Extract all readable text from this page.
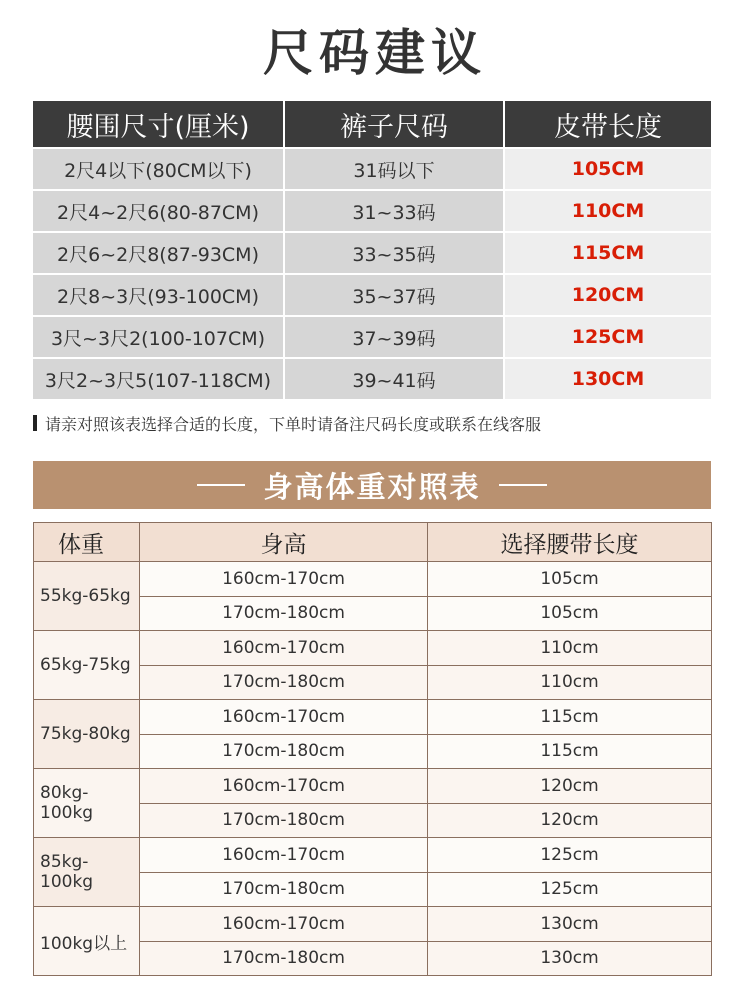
尺码建议
腰围尺寸(厘米)	裤子尺码	皮带长度
2尺4以下(80CM以下)	31码以下	105CM
2尺4~2尺6(80-87CM)	31~33码	110CM
2尺6~2尺8(87-93CM)	33~35码	115CM
2尺8~3尺(93-100CM)	35~37码	120CM
3尺~3尺2(100-107CM)	37~39码	125CM
3尺2~3尺5(107-118CM)	39~41码	130CM
请亲对照该表选择合适的长度，下单时请备注尺码长度或联系在线客服
身高体重对照表
体重	身高	选择腰带长度
55kg-65kg	160cm-170cm	105cm
	170cm-180cm	105cm
65kg-75kg	160cm-170cm	110cm
	170cm-180cm	110cm
75kg-80kg	160cm-170cm	115cm
	170cm-180cm	115cm
80kg-100kg	160cm-170cm	120cm
	170cm-180cm	120cm
85kg-100kg	160cm-170cm	125cm
	170cm-180cm	125cm
100kg以上	160cm-170cm	130cm
	170cm-180cm	130cm
